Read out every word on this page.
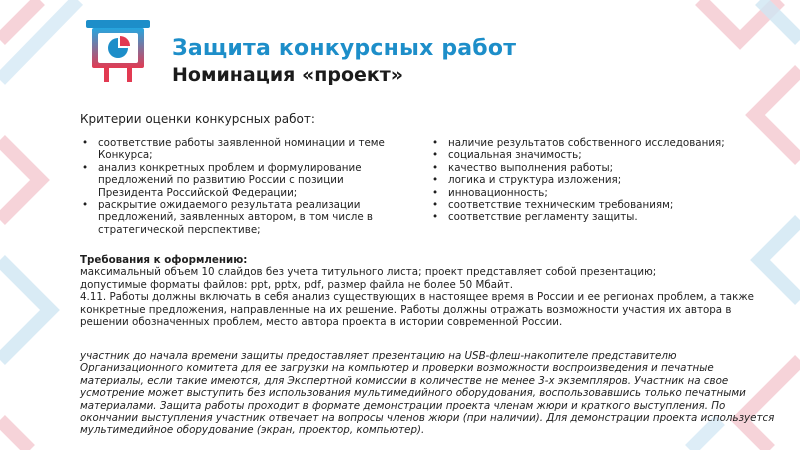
Защита конкурсных работ
Номинация «проект»
Критерии оценки конкурсных работ:
• соответствие работы заявленной номинации и теме Конкурса;
• анализ конкретных проблем и формулирование предложений по развитию России с позиции Президента Российской Федерации;
• раскрытие ожидаемого результата реализации предложений, заявленных автором, в том числе в стратегической перспективе;
• наличие результатов собственного исследования;
• социальная значимость;
• качество выполнения работы;
• логика и структура изложения;
• инновационность;
• соответствие техническим требованиям;
• соответствие регламенту защиты.
Требования к оформлению:
максимальный объем 10 слайдов без учета титульного листа; проект представляет собой презентацию;
допустимые форматы файлов: ppt, pptx, pdf, размер файла не более 50 Мбайт.
4.11. Работы должны включать в себя анализ существующих в настоящее время в России и ее регионах проблем, а также конкретные предложения, направленные на их решение. Работы должны отражать возможности участия их автора в решении обозначенных проблем, место автора проекта в истории современной России.
участник до начала времени защиты предоставляет презентацию на USB-флеш-накопителе представителю Организационного комитета для ее загрузки на компьютер и проверки возможности воспроизведения и печатные материалы, если такие имеются, для Экспертной комиссии в количестве не менее 3-х экземпляров. Участник на свое усмотрение может выступить без использования мультимедийного оборудования, воспользовавшись только печатными материалами. Защита работы проходит в формате демонстрации проекта членам жюри и краткого выступления. По окончании выступления участник отвечает на вопросы членов жюри (при наличии). Для демонстрации проекта используется мультимедийное оборудование (экран, проектор, компьютер).
